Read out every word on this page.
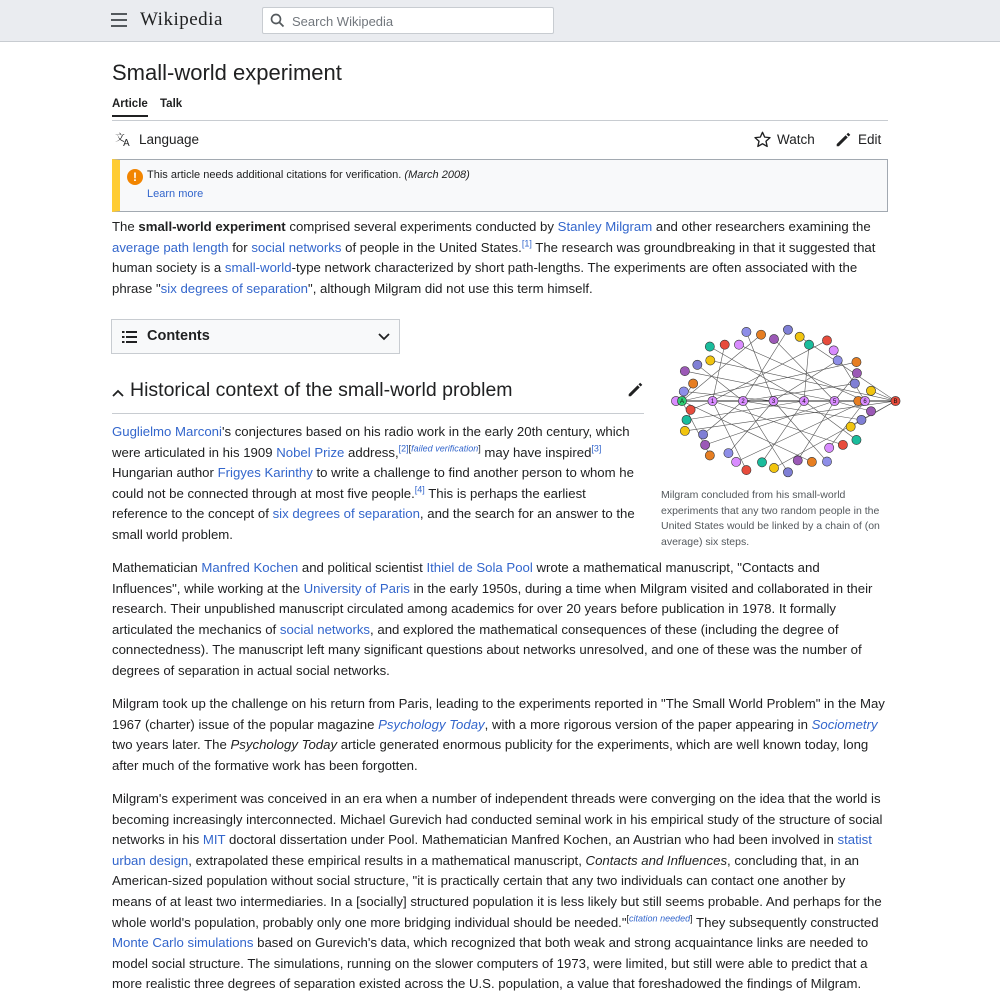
Wikipedia
Search Wikipedia
Small-world experiment
Article Talk
文
A Language	Watch	Edit
! This article needs additional citations for verification. (March 2008)
Learn more

The small-world experiment comprised several experiments conducted by Stanley Milgram and other researchers examining the average path length for social networks of people in the United States.[1] The research was groundbreaking in that it suggested that human society is a small-world-type network characterized by short path-lengths. The experiments are often associated with the phrase "six degrees of separation", although Milgram did not use this term himself.

Contents
Historical context of the small-world problem
A	1	2	3	4	5	6	B
Milgram concluded from his small-world experiments that any two random people in the United States would be linked by a chain of (on average) six steps.

Guglielmo Marconi's conjectures based on his radio work in the early 20th century, which were articulated in his 1909 Nobel Prize address,[2][failed verification] may have inspired[3] Hungarian author Frigyes Karinthy to write a challenge to find another person to whom he could not be connected through at most five people.[4] This is perhaps the earliest reference to the concept of six degrees of separation, and the search for an answer to the small world problem.

Mathematician Manfred Kochen and political scientist Ithiel de Sola Pool wrote a mathematical manuscript, "Contacts and Influences", while working at the University of Paris in the early 1950s, during a time when Milgram visited and collaborated in their research. Their unpublished manuscript circulated among academics for over 20 years before publication in 1978. It formally articulated the mechanics of social networks, and explored the mathematical consequences of these (including the degree of connectedness). The manuscript left many significant questions about networks unresolved, and one of these was the number of degrees of separation in actual social networks.

Milgram took up the challenge on his return from Paris, leading to the experiments reported in "The Small World Problem" in the May 1967 (charter) issue of the popular magazine Psychology Today, with a more rigorous version of the paper appearing in Sociometry two years later. The Psychology Today article generated enormous publicity for the experiments, which are well known today, long after much of the formative work has been forgotten.

Milgram's experiment was conceived in an era when a number of independent threads were converging on the idea that the world is becoming increasingly interconnected. Michael Gurevich had conducted seminal work in his empirical study of the structure of social networks in his MIT doctoral dissertation under Pool. Mathematician Manfred Kochen, an Austrian who had been involved in statist urban design, extrapolated these empirical results in a mathematical manuscript, Contacts and Influences, concluding that, in an American-sized population without social structure, "it is practically certain that any two individuals can contact one another by means of at least two intermediaries. In a [socially] structured population it is less likely but still seems probable. And perhaps for the whole world's population, probably only one more bridging individual should be needed."[citation needed] They subsequently constructed Monte Carlo simulations based on Gurevich's data, which recognized that both weak and strong acquaintance links are needed to model social structure. The simulations, running on the slower computers of 1973, were limited, but still were able to predict that a more realistic three degrees of separation existed across the U.S. population, a value that foreshadowed the findings of Milgram.
